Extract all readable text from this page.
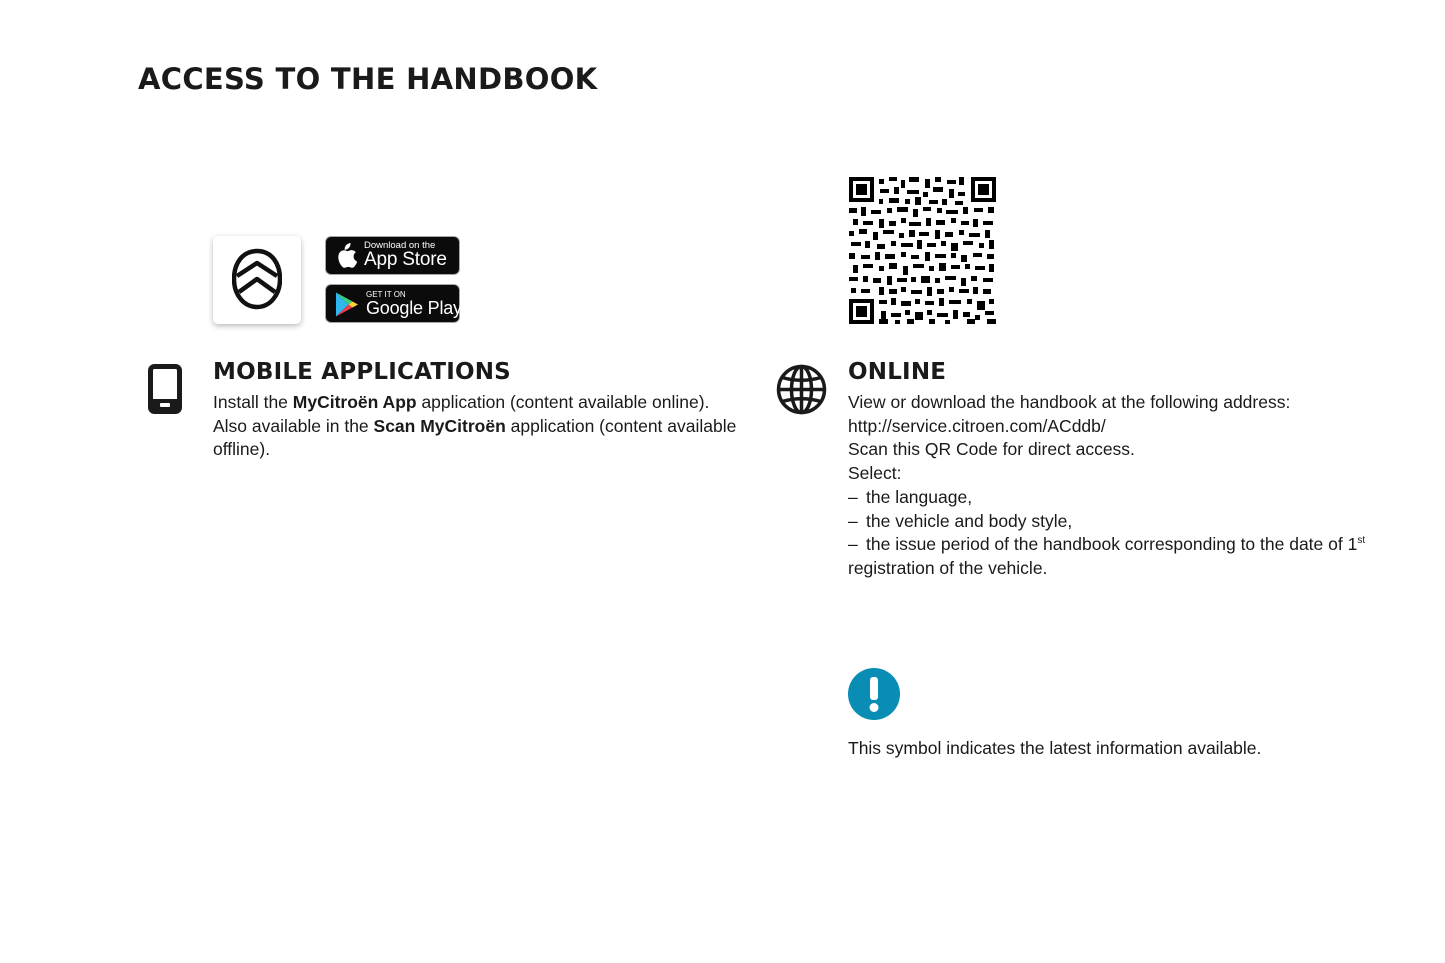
ACCESS TO THE HANDBOOK
Download on the
App Store
GET IT ON
Google Play
MOBILE APPLICATIONS

Install the MyCitroën App application (content available online).

Also available in the Scan MyCitroën application (content available offline).

ONLINE

View or download the handbook at the following address:

http://service.citroen.com/ACddb/

Scan this QR Code for direct access.

Select:

– the language,

– the vehicle and body style,

– the issue period of the handbook corresponding to the date of 1st registration of the vehicle.

This symbol indicates the latest information available.
